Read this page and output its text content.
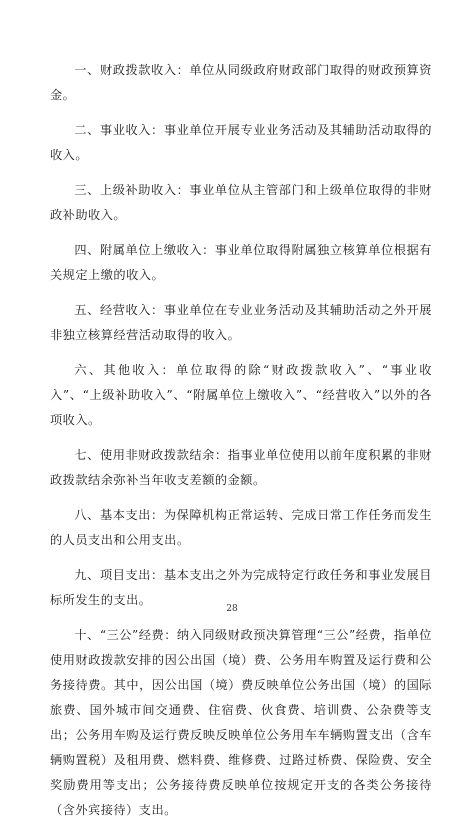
一、财政拨款收入：单位从同级政府财政部门取得的财政预算资金。

二、事业收入：事业单位开展专业业务活动及其辅助活动取得的收入。

三、上级补助收入：事业单位从主管部门和上级单位取得的非财政补助收入。

四、附属单位上缴收入：事业单位取得附属独立核算单位根据有关规定上缴的收入。

五、经营收入：事业单位在专业业务活动及其辅助活动之外开展非独立核算经营活动取得的收入。

六、其他收入：单位取得的除“财政拨款收入”、“事业收入”、“上级补助收入”、“附属单位上缴收入”、“经营收入”以外的各项收入。

七、使用非财政拨款结余：指事业单位使用以前年度积累的非财政拨款结余弥补当年收支差额的金额。

八、基本支出：为保障机构正常运转、完成日常工作任务而发生的人员支出和公用支出。

九、项目支出：基本支出之外为完成特定行政任务和事业发展目标所发生的支出。

十、“三公”经费：纳入同级财政预决算管理“三公”经费，指单位使用财政拨款安排的因公出国（境）费、公务用车购置及运行费和公务接待费。其中，因公出国（境）费反映单位公务出国（境）的国际旅费、国外城市间交通费、住宿费、伙食费、培训费、公杂费等支出；公务用车购及运行费反映反映单位公务用车车辆购置支出（含车辆购置税）及租用费、燃料费、维修费、过路过桥费、保险费、安全奖励费用等支出；公务接待费反映单位按规定开支的各类公务接待（含外宾接待）支出。

28
